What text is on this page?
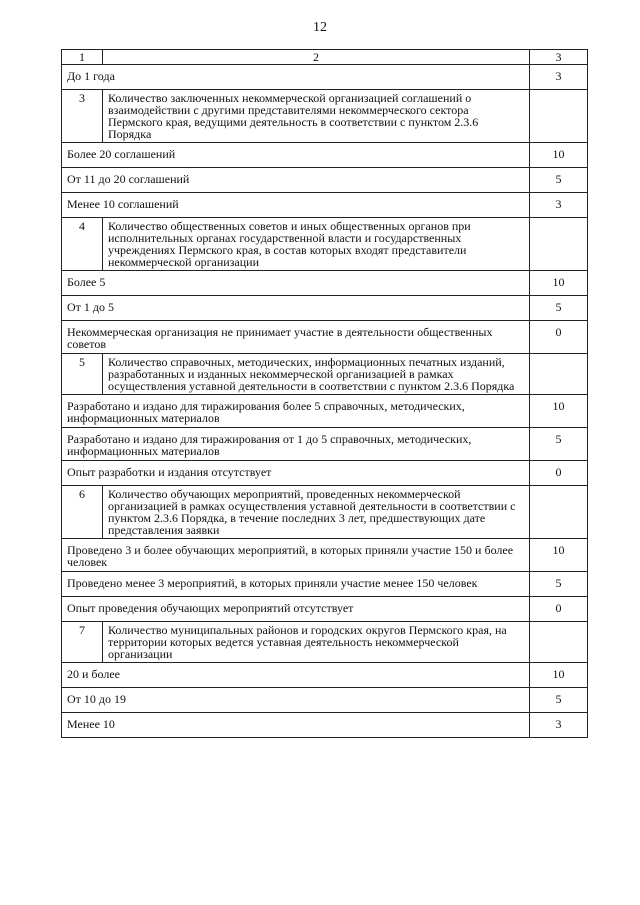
12
1	2	3
До 1 года		3
3	Количество заключенных некоммерческой организацией соглашений о взаимодействии с другими представителями некоммерческого сектора Пермского края, ведущими деятельность в соответствии с пунктом 2.3.6 Порядка	
Более 20 соглашений		10
От 11 до 20 соглашений		5
Менее 10 соглашений		3
4	Количество общественных советов и иных общественных органов при исполнительных органах государственной власти и государственных учреждениях Пермского края, в состав которых входят представители некоммерческой организации	
Более 5		10
От 1 до 5		5
Некоммерческая организация не принимает участие в деятельности общественных советов		0
5	Количество справочных, методических, информационных печатных изданий, разработанных и изданных некоммерческой организацией в рамках осуществления уставной деятельности в соответствии с пунктом 2.3.6 Порядка	
Разработано и издано для тиражирования более 5 справочных, методических, информационных материалов		10
Разработано и издано для тиражирования от 1 до 5 справочных, методических, информационных материалов		5
Опыт разработки и издания отсутствует		0
6	Количество обучающих мероприятий, проведенных некоммерческой организацией в рамках осуществления уставной деятельности в соответствии с пунктом 2.3.6 Порядка, в течение последних 3 лет, предшествующих дате представления заявки	
Проведено 3 и более обучающих мероприятий, в которых приняли участие 150 и более человек		10
Проведено менее 3 мероприятий, в которых приняли участие менее 150 человек		5
Опыт проведения обучающих мероприятий отсутствует		0
7	Количество муниципальных районов и городских округов Пермского края, на территории которых ведется уставная деятельность некоммерческой организации	
20 и более		10
От 10 до 19		5
Менее 10		3
